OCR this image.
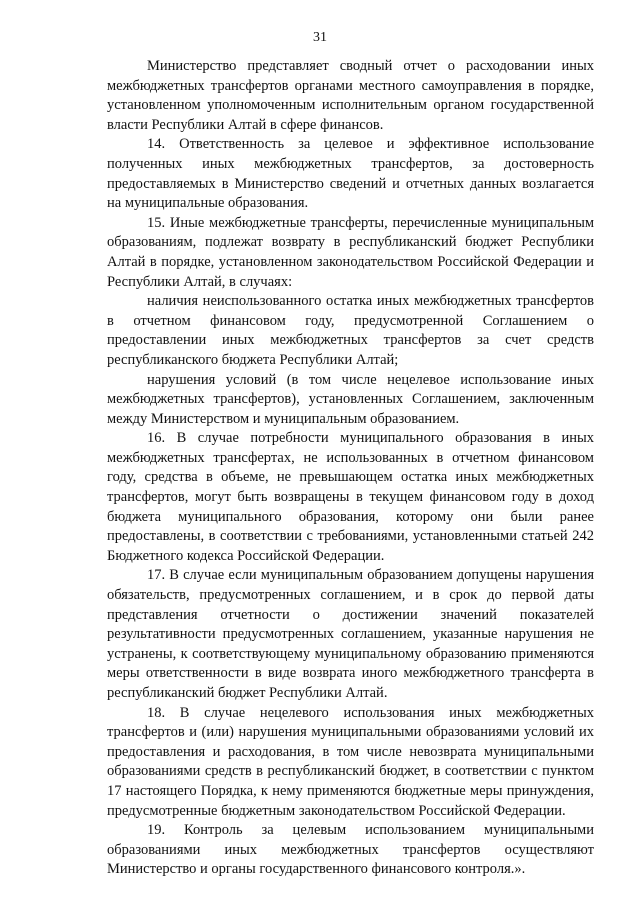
31

Министерство представляет сводный отчет о расходовании иных межбюджетных трансфертов органами местного самоуправления в порядке, установленном уполномоченным исполнительным органом государственной власти Республики Алтай в сфере финансов.

14. Ответственность за целевое и эффективное использование полученных иных межбюджетных трансфертов, за достоверность предоставляемых в Министерство сведений и отчетных данных возлагается на муниципальные образования.

15. Иные межбюджетные трансферты, перечисленные муниципальным образованиям, подлежат возврату в республиканский бюджет Республики Алтай в порядке, установленном законодательством Российской Федерации и Республики Алтай, в случаях:

наличия неиспользованного остатка иных межбюджетных трансфертов в отчетном финансовом году, предусмотренной Соглашением о предоставлении иных межбюджетных трансфертов за счет средств республиканского бюджета Республики Алтай;

нарушения условий (в том числе нецелевое использование иных межбюджетных трансфертов), установленных Соглашением, заключенным между Министерством и муниципальным образованием.

16. В случае потребности муниципального образования в иных межбюджетных трансфертах, не использованных в отчетном финансовом году, средства в объеме, не превышающем остатка иных межбюджетных трансфертов, могут быть возвращены в текущем финансовом году в доход бюджета муниципального образования, которому они были ранее предоставлены, в соответствии с требованиями, установленными статьей 242 Бюджетного кодекса Российской Федерации.

17. В случае если муниципальным образованием допущены нарушения обязательств, предусмотренных соглашением, и в срок до первой даты представления отчетности о достижении значений показателей результативности предусмотренных соглашением, указанные нарушения не устранены, к соответствующему муниципальному образованию применяются меры ответственности в виде возврата иного межбюджетного трансферта в республиканский бюджет Республики Алтай.

18. В случае нецелевого использования иных межбюджетных трансфертов и (или) нарушения муниципальными образованиями условий их предоставления и расходования, в том числе невозврата муниципальными образованиями средств в республиканский бюджет, в соответствии с пунктом 17 настоящего Порядка, к нему применяются бюджетные меры принуждения, предусмотренные бюджетным законодательством Российской Федерации.

19. Контроль за целевым использованием муниципальными образованиями иных межбюджетных трансфертов осуществляют Министерство и органы государственного финансового контроля.».
